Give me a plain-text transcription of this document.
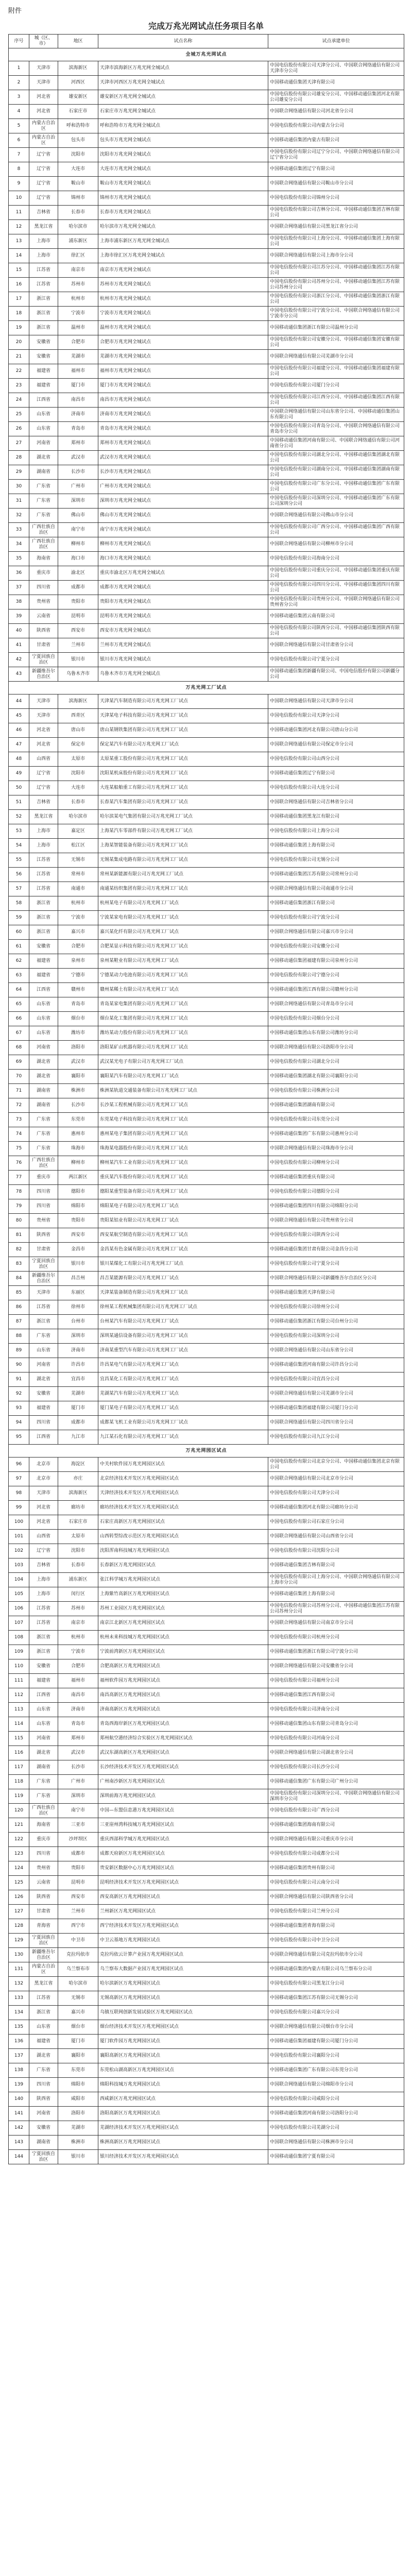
附件
完成万兆光网试点任务项目名单
序号	城（区、市）	地区	试点名称	试点承建单位
全城万兆光网试点				
1	天津市	滨海新区	天津市滨海新区万兆光网全城试点	中国电信股份有限公司天津分公司、中国联合网络通信有限公司天津市分公司
2	天津市	河西区	天津市河西区万兆光网全城试点	中国移动通信集团天津有限公司
3	河北省	雄安新区	雄安新区万兆光网全城试点	中国电信股份有限公司雄安分公司、中国移动通信集团河北有限公司雄安分公司
4	河北省	石家庄市	石家庄市万兆光网全城试点	中国联合网络通信有限公司河北省分公司
5	内蒙古自治区	呼和浩特市	呼和浩特市万兆光网全城试点	中国电信股份有限公司内蒙古分公司
6	内蒙古自治区	包头市	包头市万兆光网全城试点	中国移动通信集团内蒙古有限公司
7	辽宁省	沈阳市	沈阳市万兆光网全城试点	中国电信股份有限公司辽宁分公司、中国联合网络通信有限公司辽宁省分公司
8	辽宁省	大连市	大连市万兆光网全城试点	中国移动通信集团辽宁有限公司
9	辽宁省	鞍山市	鞍山市万兆光网全城试点	中国联合网络通信有限公司鞍山市分公司
10	辽宁省	锦州市	锦州市万兆光网全城试点	中国电信股份有限公司锦州分公司
11	吉林省	长春市	长春市万兆光网全城试点	中国电信股份有限公司吉林分公司、中国移动通信集团吉林有限公司
12	黑龙江省	哈尔滨市	哈尔滨市万兆光网全城试点	中国联合网络通信有限公司黑龙江省分公司
13	上海市	浦东新区	上海市浦东新区万兆光网全城试点	中国电信股份有限公司上海分公司、中国移动通信集团上海有限公司
14	上海市	徐汇区	上海市徐汇区万兆光网全城试点	中国联合网络通信有限公司上海市分公司
15	江苏省	南京市	南京市万兆光网全城试点	中国电信股份有限公司江苏分公司、中国移动通信集团江苏有限公司
16	江苏省	苏州市	苏州市万兆光网全城试点	中国电信股份有限公司苏州分公司、中国移动通信集团江苏有限公司苏州分公司
17	浙江省	杭州市	杭州市万兆光网全城试点	中国电信股份有限公司浙江分公司、中国移动通信集团浙江有限公司
18	浙江省	宁波市	宁波市万兆光网全城试点	中国电信股份有限公司宁波分公司、中国联合网络通信有限公司宁波市分公司
19	浙江省	温州市	温州市万兆光网全城试点	中国移动通信集团浙江有限公司温州分公司
20	安徽省	合肥市	合肥市万兆光网全城试点	中国电信股份有限公司安徽分公司、中国移动通信集团安徽有限公司
21	安徽省	芜湖市	芜湖市万兆光网全城试点	中国联合网络通信有限公司芜湖市分公司
22	福建省	福州市	福州市万兆光网全城试点	中国电信股份有限公司福建分公司、中国移动通信集团福建有限公司
23	福建省	厦门市	厦门市万兆光网全城试点	中国电信股份有限公司厦门分公司
24	江西省	南昌市	南昌市万兆光网全城试点	中国电信股份有限公司江西分公司、中国移动通信集团江西有限公司
25	山东省	济南市	济南市万兆光网全城试点	中国联合网络通信有限公司山东省分公司、中国移动通信集团山东有限公司
26	山东省	青岛市	青岛市万兆光网全城试点	中国电信股份有限公司青岛分公司、中国联合网络通信有限公司青岛市分公司
27	河南省	郑州市	郑州市万兆光网全城试点	中国移动通信集团河南有限公司、中国联合网络通信有限公司河南省分公司
28	湖北省	武汉市	武汉市万兆光网全城试点	中国电信股份有限公司湖北分公司、中国移动通信集团湖北有限公司
29	湖南省	长沙市	长沙市万兆光网全城试点	中国电信股份有限公司湖南分公司、中国移动通信集团湖南有限公司
30	广东省	广州市	广州市万兆光网全城试点	中国电信股份有限公司广东分公司、中国移动通信集团广东有限公司
31	广东省	深圳市	深圳市万兆光网全城试点	中国电信股份有限公司深圳分公司、中国移动通信集团广东有限公司深圳分公司
32	广东省	佛山市	佛山市万兆光网全城试点	中国联合网络通信有限公司佛山市分公司
33	广西壮族自治区	南宁市	南宁市万兆光网全城试点	中国电信股份有限公司广西分公司、中国移动通信集团广西有限公司
34	广西壮族自治区	柳州市	柳州市万兆光网全城试点	中国联合网络通信有限公司柳州市分公司
35	海南省	海口市	海口市万兆光网全城试点	中国电信股份有限公司海南分公司
36	重庆市	渝北区	重庆市渝北区万兆光网全城试点	中国电信股份有限公司重庆分公司、中国移动通信集团重庆有限公司
37	四川省	成都市	成都市万兆光网全城试点	中国电信股份有限公司四川分公司、中国移动通信集团四川有限公司
38	贵州省	贵阳市	贵阳市万兆光网全城试点	中国电信股份有限公司贵州分公司、中国联合网络通信有限公司贵州省分公司
39	云南省	昆明市	昆明市万兆光网全城试点	中国移动通信集团云南有限公司
40	陕西省	西安市	西安市万兆光网全城试点	中国电信股份有限公司陕西分公司、中国移动通信集团陕西有限公司
41	甘肃省	兰州市	兰州市万兆光网全城试点	中国联合网络通信有限公司甘肃省分公司
42	宁夏回族自治区	银川市	银川市万兆光网全城试点	中国电信股份有限公司宁夏分公司
43	新疆维吾尔自治区	乌鲁木齐市	乌鲁木齐市万兆光网全城试点	中国移动通信集团新疆有限公司、中国电信股份有限公司新疆分公司
万兆光网工厂试点				
44	天津市	滨海新区	天津某汽车制造有限公司万兆光网工厂试点	中国联合网络通信有限公司天津市分公司
45	天津市	西青区	天津某电子科技有限公司万兆光网工厂试点	中国电信股份有限公司天津分公司
46	河北省	唐山市	唐山某钢铁集团有限公司万兆光网工厂试点	中国移动通信集团河北有限公司唐山分公司
47	河北省	保定市	保定某汽车有限公司万兆光网工厂试点	中国联合网络通信有限公司保定市分公司
48	山西省	太原市	太原某重工股份有限公司万兆光网工厂试点	中国电信股份有限公司山西分公司
49	辽宁省	沈阳市	沈阳某机床股份有限公司万兆光网工厂试点	中国移动通信集团辽宁有限公司
50	辽宁省	大连市	大连某船舶重工有限公司万兆光网工厂试点	中国电信股份有限公司大连分公司
51	吉林省	长春市	长春某汽车集团有限公司万兆光网工厂试点	中国联合网络通信有限公司吉林省分公司
52	黑龙江省	哈尔滨市	哈尔滨某电气集团有限公司万兆光网工厂试点	中国移动通信集团黑龙江有限公司
53	上海市	嘉定区	上海某汽车零部件有限公司万兆光网工厂试点	中国电信股份有限公司上海分公司
54	上海市	松江区	上海某智能装备有限公司万兆光网工厂试点	中国移动通信集团上海有限公司
55	江苏省	无锡市	无锡某集成电路有限公司万兆光网工厂试点	中国电信股份有限公司无锡分公司
56	江苏省	常州市	常州某新能源有限公司万兆光网工厂试点	中国移动通信集团江苏有限公司常州分公司
57	江苏省	南通市	南通某纺织集团有限公司万兆光网工厂试点	中国联合网络通信有限公司南通市分公司
58	浙江省	杭州市	杭州某电子有限公司万兆光网工厂试点	中国移动通信集团浙江有限公司
59	浙江省	宁波市	宁波某家电有限公司万兆光网工厂试点	中国电信股份有限公司宁波分公司
60	浙江省	嘉兴市	嘉兴某化纤有限公司万兆光网工厂试点	中国联合网络通信有限公司嘉兴市分公司
61	安徽省	合肥市	合肥某显示科技有限公司万兆光网工厂试点	中国电信股份有限公司安徽分公司
62	福建省	泉州市	泉州某鞋业有限公司万兆光网工厂试点	中国移动通信集团福建有限公司泉州分公司
63	福建省	宁德市	宁德某动力电池有限公司万兆光网工厂试点	中国电信股份有限公司宁德分公司
64	江西省	赣州市	赣州某稀土有限公司万兆光网工厂试点	中国移动通信集团江西有限公司赣州分公司
65	山东省	青岛市	青岛某家电集团有限公司万兆光网工厂试点	中国联合网络通信有限公司青岛市分公司
66	山东省	烟台市	烟台某化工集团有限公司万兆光网工厂试点	中国电信股份有限公司烟台分公司
67	山东省	潍坊市	潍坊某动力股份有限公司万兆光网工厂试点	中国移动通信集团山东有限公司潍坊分公司
68	河南省	洛阳市	洛阳某矿山机器有限公司万兆光网工厂试点	中国联合网络通信有限公司洛阳市分公司
69	湖北省	武汉市	武汉某光电子有限公司万兆光网工厂试点	中国电信股份有限公司湖北分公司
70	湖北省	襄阳市	襄阳某汽车有限公司万兆光网工厂试点	中国移动通信集团湖北有限公司襄阳分公司
71	湖南省	株洲市	株洲某轨道交通装备有限公司万兆光网工厂试点	中国电信股份有限公司株洲分公司
72	湖南省	长沙市	长沙某工程机械有限公司万兆光网工厂试点	中国移动通信集团湖南有限公司
73	广东省	东莞市	东莞某电子科技有限公司万兆光网工厂试点	中国电信股份有限公司东莞分公司
74	广东省	惠州市	惠州某电子集团有限公司万兆光网工厂试点	中国移动通信集团广东有限公司惠州分公司
75	广东省	珠海市	珠海某电器股份有限公司万兆光网工厂试点	中国联合网络通信有限公司珠海市分公司
76	广西壮族自治区	柳州市	柳州某汽车工业有限公司万兆光网工厂试点	中国电信股份有限公司柳州分公司
77	重庆市	两江新区	重庆某汽车股份有限公司万兆光网工厂试点	中国移动通信集团重庆有限公司
78	四川省	德阳市	德阳某重型装备有限公司万兆光网工厂试点	中国电信股份有限公司德阳分公司
79	四川省	绵阳市	绵阳某电子有限公司万兆光网工厂试点	中国移动通信集团四川有限公司绵阳分公司
80	贵州省	贵阳市	贵阳某铝业有限公司万兆光网工厂试点	中国联合网络通信有限公司贵州省分公司
81	陕西省	西安市	西安某航空制造有限公司万兆光网工厂试点	中国电信股份有限公司陕西分公司
82	甘肃省	金昌市	金昌某有色金属有限公司万兆光网工厂试点	中国移动通信集团甘肃有限公司金昌分公司
83	宁夏回族自治区	银川市	银川某煤化工有限公司万兆光网工厂试点	中国电信股份有限公司宁夏分公司
84	新疆维吾尔自治区	昌吉州	昌吉某能源有限公司万兆光网工厂试点	中国联合网络通信有限公司新疆维吾尔自治区分公司
85	天津市	东丽区	天津某装备制造有限公司万兆光网工厂试点	中国移动通信集团天津有限公司
86	江苏省	徐州市	徐州某工程机械集团有限公司万兆光网工厂试点	中国电信股份有限公司徐州分公司
87	浙江省	台州市	台州某汽车有限公司万兆光网工厂试点	中国移动通信集团浙江有限公司台州分公司
88	广东省	深圳市	深圳某通信设备有限公司万兆光网工厂试点	中国电信股份有限公司深圳分公司
89	山东省	济南市	济南某重型汽车有限公司万兆光网工厂试点	中国联合网络通信有限公司山东省分公司
90	河南省	许昌市	许昌某电气有限公司万兆光网工厂试点	中国移动通信集团河南有限公司许昌分公司
91	湖北省	宜昌市	宜昌某化工有限公司万兆光网工厂试点	中国电信股份有限公司宜昌分公司
92	安徽省	芜湖市	芜湖某汽车有限公司万兆光网工厂试点	中国联合网络通信有限公司芜湖市分公司
93	福建省	厦门市	厦门某电子有限公司万兆光网工厂试点	中国移动通信集团福建有限公司厦门分公司
94	四川省	成都市	成都某飞机工业有限公司万兆光网工厂试点	中国联合网络通信有限公司四川省分公司
95	江西省	九江市	九江某石化有限公司万兆光网工厂试点	中国电信股份有限公司九江分公司
万兆光网园区试点				
96	北京市	海淀区	中关村软件园万兆光网园区试点	中国电信股份有限公司北京分公司、中国移动通信集团北京有限公司
97	北京市	亦庄	北京经济技术开发区万兆光网园区试点	中国联合网络通信有限公司北京市分公司
98	天津市	滨海新区	天津经济技术开发区万兆光网园区试点	中国电信股份有限公司天津分公司
99	河北省	廊坊市	廊坊经济技术开发区万兆光网园区试点	中国移动通信集团河北有限公司廊坊分公司
100	河北省	石家庄市	石家庄高新区万兆光网园区试点	中国电信股份有限公司石家庄分公司
101	山西省	太原市	山西转型综改示范区万兆光网园区试点	中国联合网络通信有限公司山西省分公司
102	辽宁省	沈阳市	沈阳浑南科技城万兆光网园区试点	中国电信股份有限公司沈阳分公司
103	吉林省	长春市	长春新区万兆光网园区试点	中国移动通信集团吉林有限公司
104	上海市	浦东新区	张江科学城万兆光网园区试点	中国电信股份有限公司上海分公司、中国联合网络通信有限公司上海市分公司
105	上海市	闵行区	上海紫竹高新区万兆光网园区试点	中国移动通信集团上海有限公司
106	江苏省	苏州市	苏州工业园区万兆光网园区试点	中国电信股份有限公司苏州分公司、中国移动通信集团江苏有限公司苏州分公司
107	江苏省	南京市	南京江北新区万兆光网园区试点	中国联合网络通信有限公司南京市分公司
108	浙江省	杭州市	杭州未来科技城万兆光网园区试点	中国电信股份有限公司杭州分公司
109	浙江省	宁波市	宁波前湾新区万兆光网园区试点	中国移动通信集团浙江有限公司宁波分公司
110	安徽省	合肥市	合肥高新区万兆光网园区试点	中国联合网络通信有限公司安徽省分公司
111	福建省	福州市	福州软件园万兆光网园区试点	中国电信股份有限公司福州分公司
112	江西省	南昌市	南昌高新区万兆光网园区试点	中国移动通信集团江西有限公司
113	山东省	济南市	济南高新区万兆光网园区试点	中国电信股份有限公司济南分公司
114	山东省	青岛市	青岛西海岸新区万兆光网园区试点	中国移动通信集团山东有限公司青岛分公司
115	河南省	郑州市	郑州航空港经济综合实验区万兆光网园区试点	中国电信股份有限公司河南分公司
116	湖北省	武汉市	武汉东湖高新区万兆光网园区试点	中国联合网络通信有限公司湖北省分公司
117	湖南省	长沙市	长沙经济技术开发区万兆光网园区试点	中国电信股份有限公司长沙分公司
118	广东省	广州市	广州南沙新区万兆光网园区试点	中国移动通信集团广东有限公司广州分公司
119	广东省	深圳市	深圳前海万兆光网园区试点	中国电信股份有限公司深圳分公司、中国联合网络通信有限公司深圳市分公司
120	广西壮族自治区	南宁市	中国—东盟信息港万兆光网园区试点	中国电信股份有限公司广西分公司
121	海南省	三亚市	三亚崖州湾科技城万兆光网园区试点	中国移动通信集团海南有限公司
122	重庆市	沙坪坝区	重庆西部科学城万兆光网园区试点	中国联合网络通信有限公司重庆市分公司
123	四川省	成都市	成都天府新区万兆光网园区试点	中国电信股份有限公司成都分公司
124	贵州省	贵阳市	贵安新区数据中心万兆光网园区试点	中国移动通信集团贵州有限公司
125	云南省	昆明市	昆明经济技术开发区万兆光网园区试点	中国电信股份有限公司云南分公司
126	陕西省	西安市	西安高新区万兆光网园区试点	中国联合网络通信有限公司陕西省分公司
127	甘肃省	兰州市	兰州新区万兆光网园区试点	中国电信股份有限公司兰州分公司
128	青海省	西宁市	西宁经济技术开发区万兆光网园区试点	中国移动通信集团青海有限公司
129	宁夏回族自治区	中卫市	中卫云基地万兆光网园区试点	中国电信股份有限公司中卫分公司
130	新疆维吾尔自治区	克拉玛依市	克拉玛依云计算产业园万兆光网园区试点	中国联合网络通信有限公司克拉玛依市分公司
131	内蒙古自治区	乌兰察布市	乌兰察布大数据产业园万兆光网园区试点	中国移动通信集团内蒙古有限公司乌兰察布分公司
132	黑龙江省	哈尔滨市	哈尔滨新区万兆光网园区试点	中国电信股份有限公司黑龙江分公司
133	江苏省	无锡市	无锡高新区万兆光网园区试点	中国移动通信集团江苏有限公司无锡分公司
134	浙江省	嘉兴市	乌镇互联网创新发展试验区万兆光网园区试点	中国电信股份有限公司嘉兴分公司
135	山东省	烟台市	烟台经济技术开发区万兆光网园区试点	中国联合网络通信有限公司烟台市分公司
136	福建省	厦门市	厦门软件园万兆光网园区试点	中国移动通信集团福建有限公司厦门分公司
137	湖北省	襄阳市	襄阳高新区万兆光网园区试点	中国电信股份有限公司襄阳分公司
138	广东省	东莞市	东莞松山湖高新区万兆光网园区试点	中国移动通信集团广东有限公司东莞分公司
139	四川省	绵阳市	绵阳科技城万兆光网园区试点	中国联合网络通信有限公司绵阳市分公司
140	陕西省	咸阳市	西咸新区万兆光网园区试点	中国电信股份有限公司咸阳分公司
141	河南省	洛阳市	洛阳高新区万兆光网园区试点	中国移动通信集团河南有限公司洛阳分公司
142	安徽省	芜湖市	芜湖经济技术开发区万兆光网园区试点	中国电信股份有限公司芜湖分公司
143	湖南省	株洲市	株洲高新区万兆光网园区试点	中国联合网络通信有限公司株洲市分公司
144	宁夏回族自治区	银川市	银川经济技术开发区万兆光网园区试点	中国移动通信集团宁夏有限公司
